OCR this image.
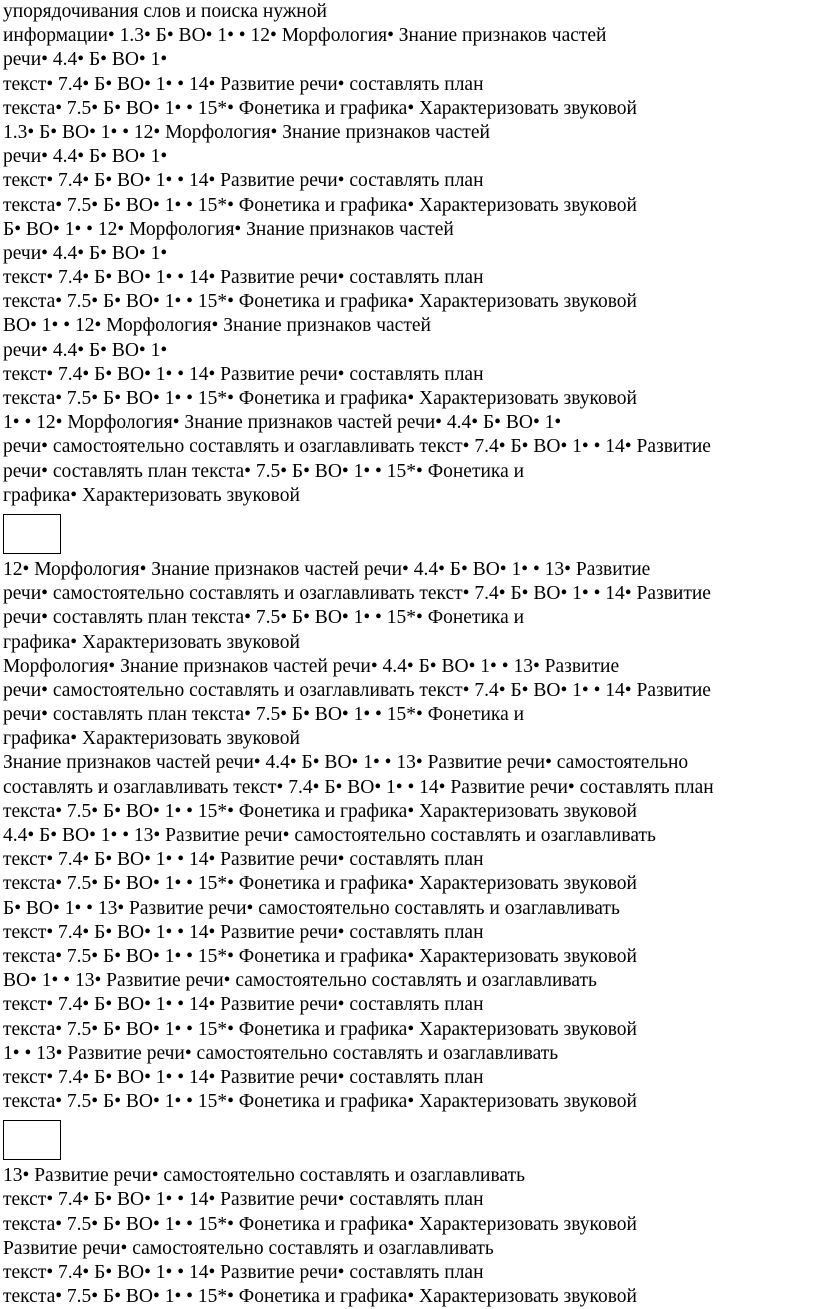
упорядочивания слов и поиска нужной
информации• 1.3• Б• ВО• 1• • 12• Морфология• Знание признаков частей
речи• 4.4• Б• ВО• 1•
текст• 7.4• Б• ВО• 1• • 14• Развитие речи• составлять план
текста• 7.5• Б• ВО• 1• • 15*• Фонетика и графика• Характеризовать звуковой
1.3• Б• ВО• 1• • 12• Морфология• Знание признаков частей
речи• 4.4• Б• ВО• 1•
текст• 7.4• Б• ВО• 1• • 14• Развитие речи• составлять план
текста• 7.5• Б• ВО• 1• • 15*• Фонетика и графика• Характеризовать звуковой
Б• ВО• 1• • 12• Морфология• Знание признаков частей
речи• 4.4• Б• ВО• 1•
текст• 7.4• Б• ВО• 1• • 14• Развитие речи• составлять план
текста• 7.5• Б• ВО• 1• • 15*• Фонетика и графика• Характеризовать звуковой
ВО• 1• • 12• Морфология• Знание признаков частей
речи• 4.4• Б• ВО• 1•
текст• 7.4• Б• ВО• 1• • 14• Развитие речи• составлять план
текста• 7.5• Б• ВО• 1• • 15*• Фонетика и графика• Характеризовать звуковой
1• • 12• Морфология• Знание признаков частей речи• 4.4• Б• ВО• 1•
речи• самостоятельно составлять и озаглавливать текст• 7.4• Б• ВО• 1• • 14• Развитие
речи• составлять план текста• 7.5• Б• ВО• 1• • 15*• Фонетика и
графика• Характеризовать звуковой
12• Морфология• Знание признаков частей речи• 4.4• Б• ВО• 1• • 13• Развитие
речи• самостоятельно составлять и озаглавливать текст• 7.4• Б• ВО• 1• • 14• Развитие
речи• составлять план текста• 7.5• Б• ВО• 1• • 15*• Фонетика и
графика• Характеризовать звуковой
Морфология• Знание признаков частей речи• 4.4• Б• ВО• 1• • 13• Развитие
речи• самостоятельно составлять и озаглавливать текст• 7.4• Б• ВО• 1• • 14• Развитие
речи• составлять план текста• 7.5• Б• ВО• 1• • 15*• Фонетика и
графика• Характеризовать звуковой
Знание признаков частей речи• 4.4• Б• ВО• 1• • 13• Развитие речи• самостоятельно
составлять и озаглавливать текст• 7.4• Б• ВО• 1• • 14• Развитие речи• составлять план
текста• 7.5• Б• ВО• 1• • 15*• Фонетика и графика• Характеризовать звуковой
4.4• Б• ВО• 1• • 13• Развитие речи• самостоятельно составлять и озаглавливать
текст• 7.4• Б• ВО• 1• • 14• Развитие речи• составлять план
текста• 7.5• Б• ВО• 1• • 15*• Фонетика и графика• Характеризовать звуковой
Б• ВО• 1• • 13• Развитие речи• самостоятельно составлять и озаглавливать
текст• 7.4• Б• ВО• 1• • 14• Развитие речи• составлять план
текста• 7.5• Б• ВО• 1• • 15*• Фонетика и графика• Характеризовать звуковой
ВО• 1• • 13• Развитие речи• самостоятельно составлять и озаглавливать
текст• 7.4• Б• ВО• 1• • 14• Развитие речи• составлять план
текста• 7.5• Б• ВО• 1• • 15*• Фонетика и графика• Характеризовать звуковой
1• • 13• Развитие речи• самостоятельно составлять и озаглавливать
текст• 7.4• Б• ВО• 1• • 14• Развитие речи• составлять план
текста• 7.5• Б• ВО• 1• • 15*• Фонетика и графика• Характеризовать звуковой
13• Развитие речи• самостоятельно составлять и озаглавливать
текст• 7.4• Б• ВО• 1• • 14• Развитие речи• составлять план
текста• 7.5• Б• ВО• 1• • 15*• Фонетика и графика• Характеризовать звуковой
Развитие речи• самостоятельно составлять и озаглавливать
текст• 7.4• Б• ВО• 1• • 14• Развитие речи• составлять план
текста• 7.5• Б• ВО• 1• • 15*• Фонетика и графика• Характеризовать звуковой
